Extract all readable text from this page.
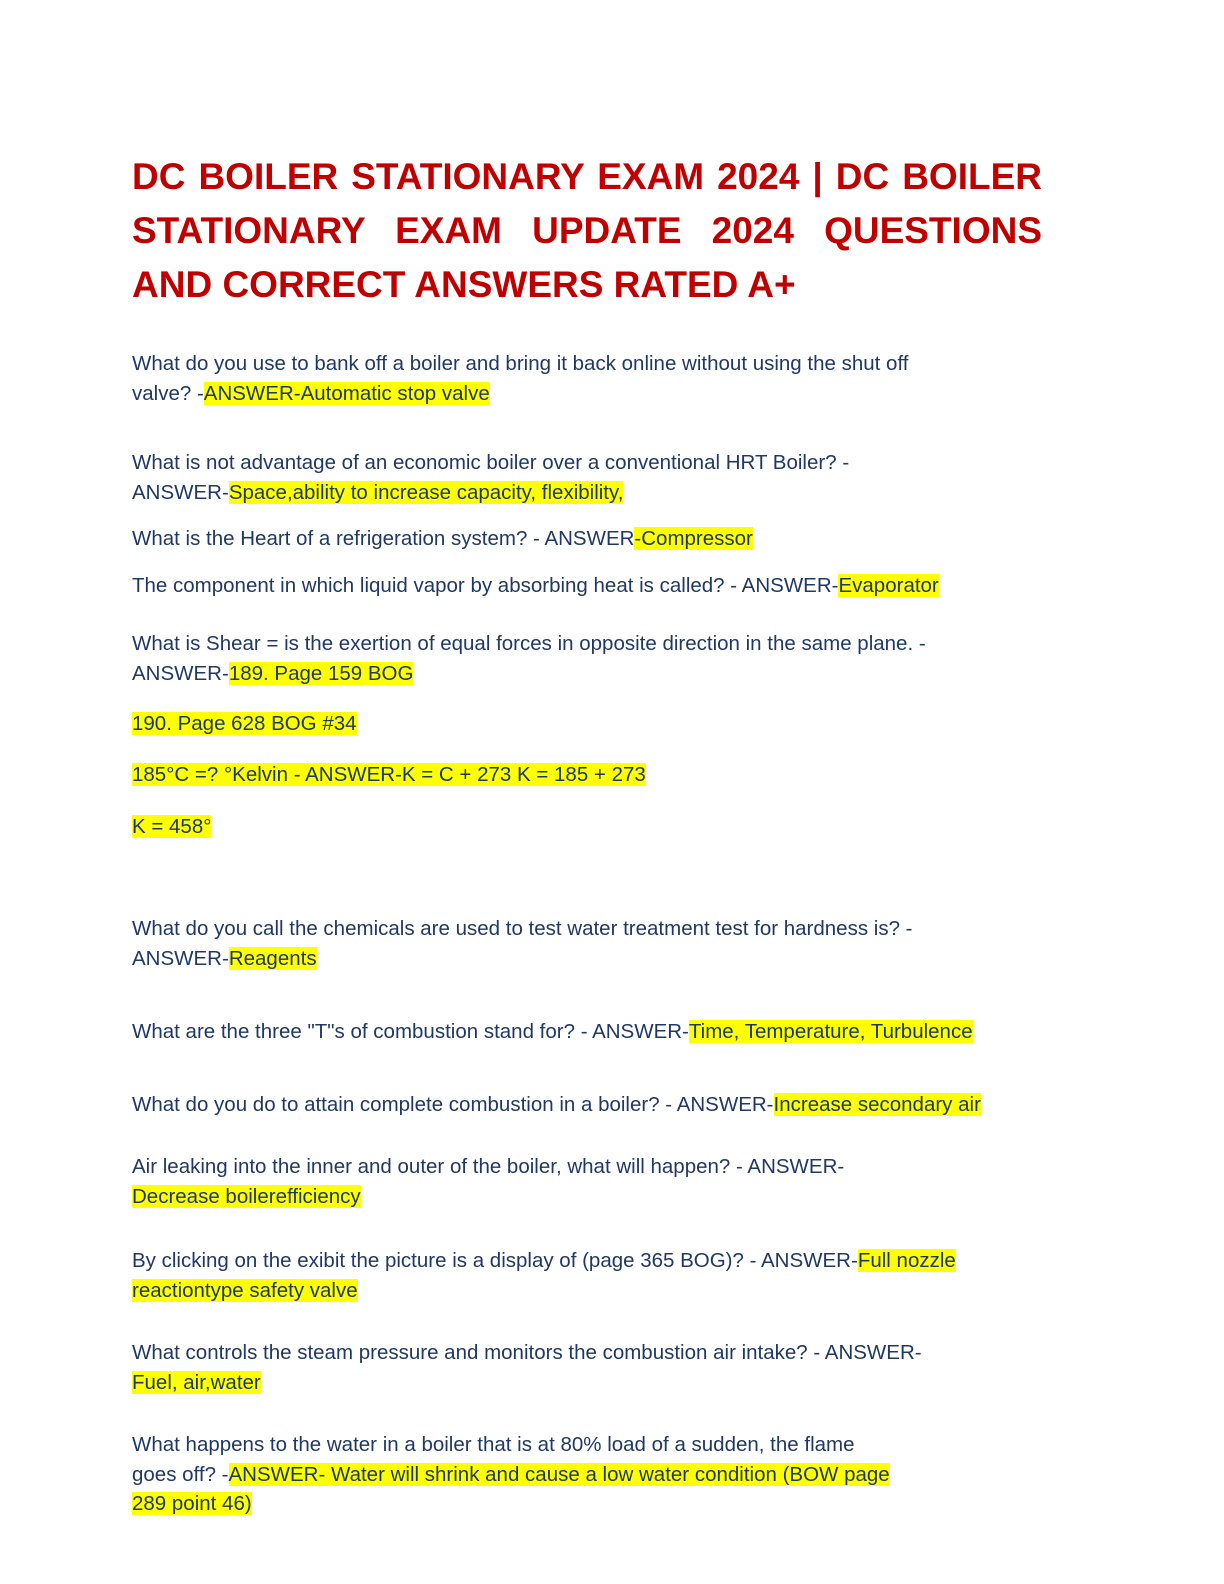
DC BOILER STATIONARY EXAM 2024 | DC BOILER STATIONARY EXAM UPDATE 2024 QUESTIONS AND CORRECT ANSWERS RATED A+

What do you use to bank off a boiler and bring it back online without using the shut off
valve? -ANSWER-Automatic stop valve

What is not advantage of an economic boiler over a conventional HRT Boiler? -
ANSWER-Space,ability to increase capacity, flexibility,

What is the Heart of a refrigeration system? - ANSWER-Compressor

The component in which liquid vapor by absorbing heat is called? - ANSWER-Evaporator

What is Shear = is the exertion of equal forces in opposite direction in the same plane. -
ANSWER-189. Page 159 BOG

190. Page 628 BOG #34

185°C =? °Kelvin - ANSWER-K = C + 273 K = 185 + 273

K = 458°

What do you call the chemicals are used to test water treatment test for hardness is? -
ANSWER-Reagents

What are the three "T"s of combustion stand for? - ANSWER-Time, Temperature, Turbulence

What do you do to attain complete combustion in a boiler? - ANSWER-Increase secondary air

Air leaking into the inner and outer of the boiler, what will happen? - ANSWER-
Decrease boilerefficiency

By clicking on the exibit the picture is a display of (page 365 BOG)? - ANSWER-Full nozzle
reactiontype safety valve

What controls the steam pressure and monitors the combustion air intake? - ANSWER-
Fuel, air,water

What happens to the water in a boiler that is at 80% load of a sudden, the flame
goes off? -ANSWER- Water will shrink and cause a low water condition (BOW page
289 point 46)
